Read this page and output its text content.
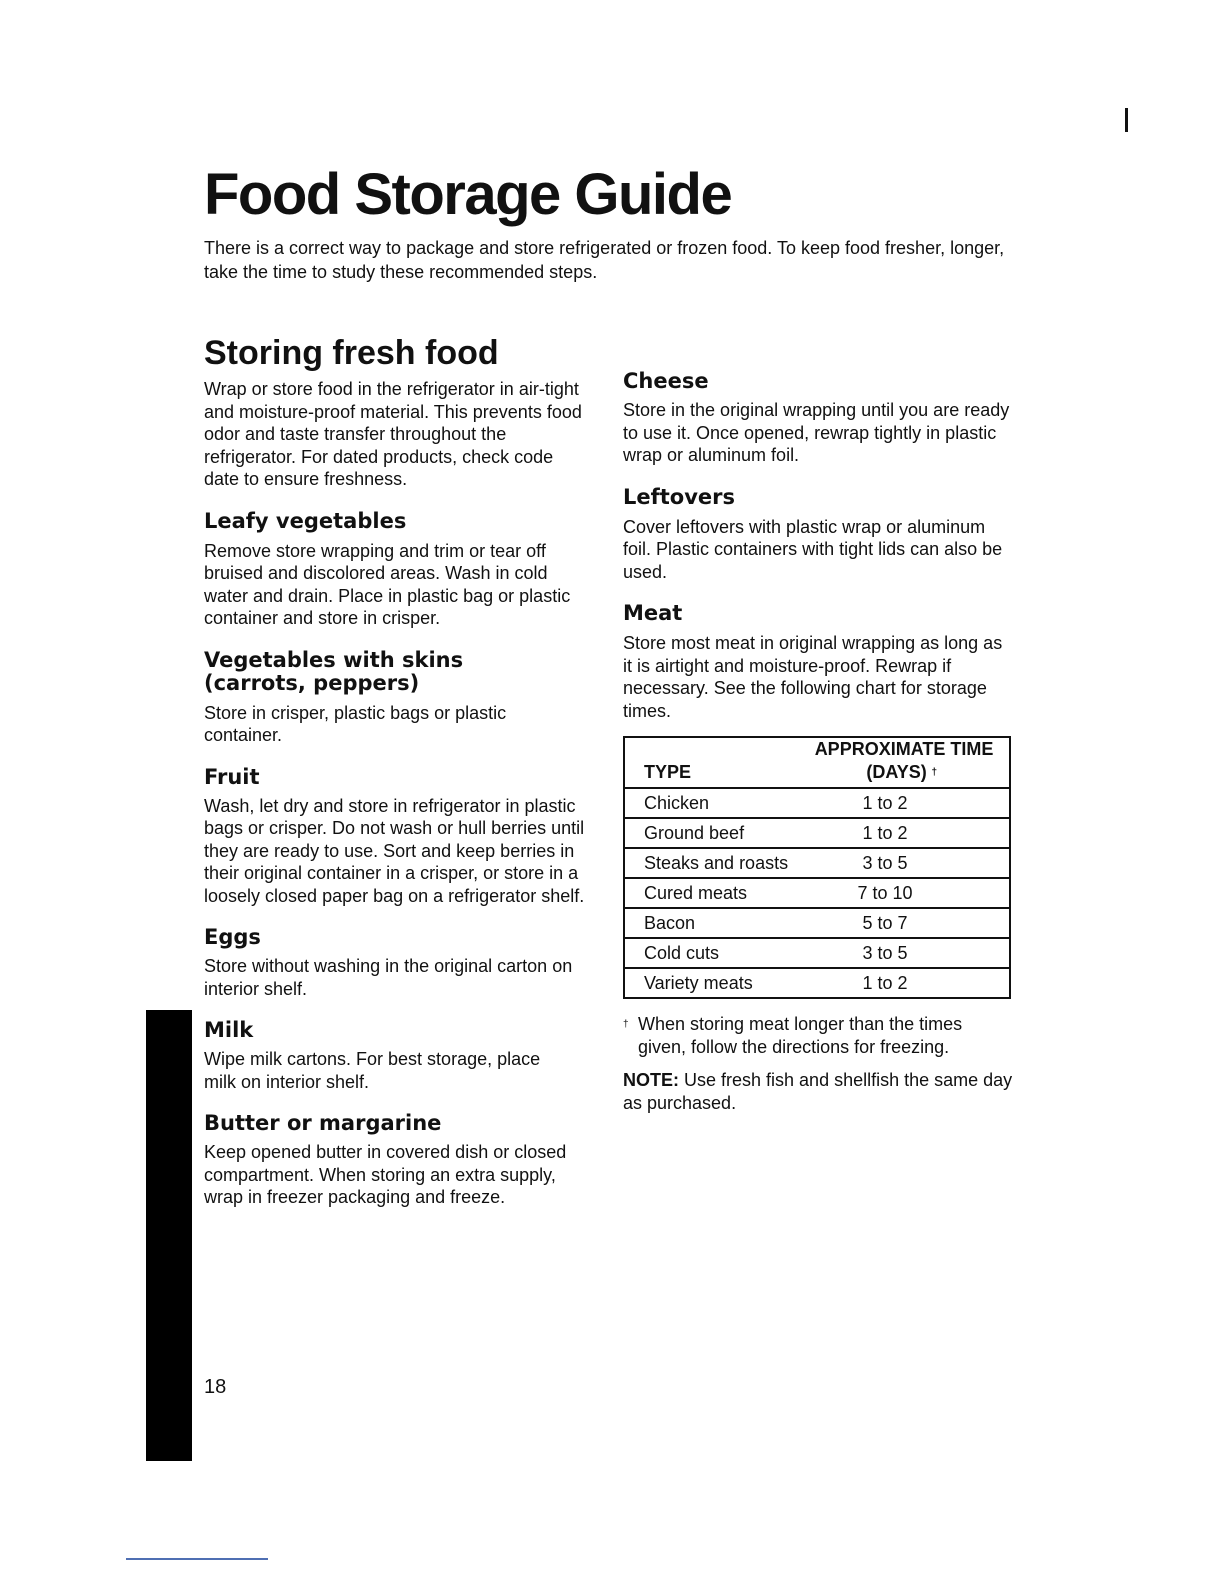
Food Storage Guide

There is a correct way to package and store refrigerated or frozen food. To keep food fresher, longer, take the time to study these recommended steps.

Storing fresh food

Wrap or store food in the refrigerator in air-tight and moisture-proof material. This prevents food odor and taste transfer throughout the refrigerator. For dated products, check code date to ensure freshness.

Leafy vegetables

Remove store wrapping and trim or tear off bruised and discolored areas. Wash in cold water and drain. Place in plastic bag or plastic container and store in crisper.

Vegetables with skins (carrots, peppers)

Store in crisper, plastic bags or plastic container.

Fruit

Wash, let dry and store in refrigerator in plastic bags or crisper. Do not wash or hull berries until they are ready to use. Sort and keep berries in their original container in a crisper, or store in a loosely closed paper bag on a refrigerator shelf.

Eggs

Store without washing in the original carton on interior shelf.

Milk

Wipe milk cartons. For best storage, place milk on interior shelf.

Butter or margarine

Keep opened butter in covered dish or closed compartment. When storing an extra supply, wrap in freezer packaging and freeze.

Cheese

Store in the original wrapping until you are ready to use it. Once opened, rewrap tightly in plastic wrap or aluminum foil.

Leftovers

Cover leftovers with plastic wrap or aluminum foil. Plastic containers with tight lids can also be used.

Meat

Store most meat in original wrapping as long as it is airtight and moisture-proof. Rewrap if necessary. See the following chart for storage times.

TYPE	APPROXIMATE TIME
(DAYS) †

Chicken	1 to 2
Ground beef	1 to 2
Steaks and roasts	3 to 5
Cured meats	7 to 10
Bacon	5 to 7
Cold cuts	3 to 5
Variety meats	1 to 2

† When storing meat longer than the times given, follow the directions for freezing.

NOTE: Use fresh fish and shellfish the same day as purchased.

18
